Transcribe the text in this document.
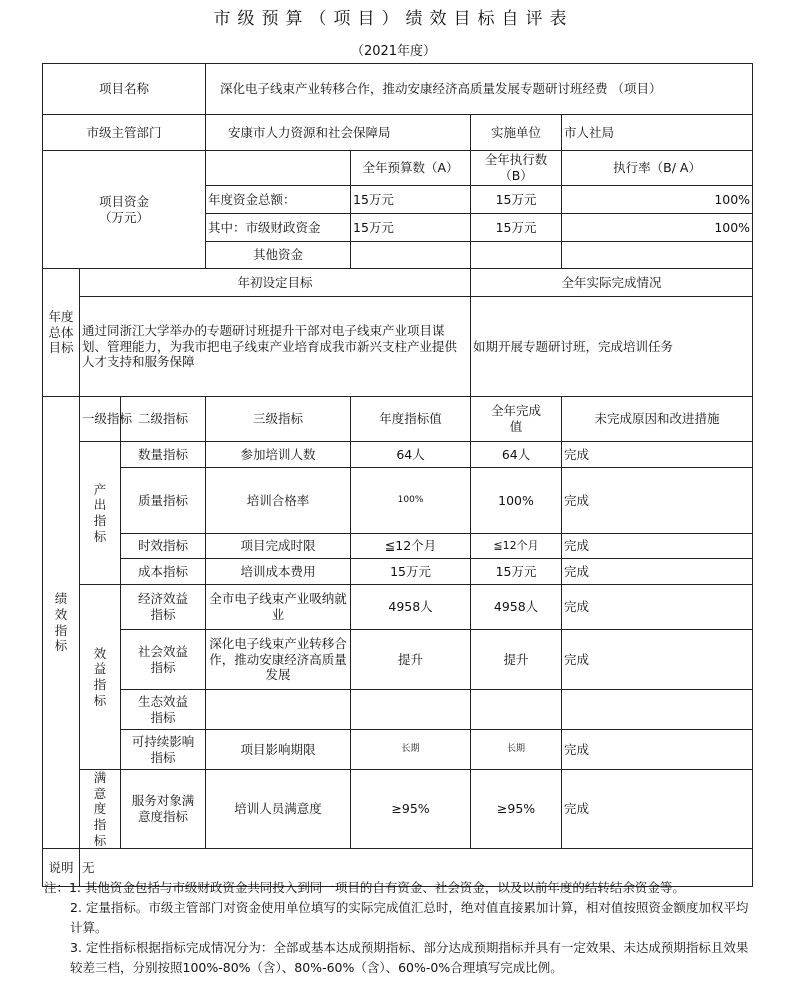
市级预算（项目）绩效目标自评表
（2021年度）
项目名称			深化电子线束产业转移合作，推动安康经济高质量发展专题研讨班经费 （项目）			
市级主管部门			安康市人力资源和社会保障局		实施单位	市人社局
项目资金
（万元）				全年预算数（A）	全年执行数（B）	执行率（B/ A）
			年度资金总额：	15万元	15万元	100%
			其中：市级财政资金	15万元	15万元	100%
			其他资金			
年度总体目标	年初设定目标				全年实际完成情况	
	通过同浙江大学举办的专题研讨班提升干部对电子线束产业项目谋划、管理能力，为我市把电子线束产业培育成我市新兴支柱产业提供人才支持和服务保障				如期开展专题研讨班，完成培训任务	
绩效指标	一级指标	二级指标	三级指标	年度指标值	全年完成值	未完成原因和改进措施
	产出指标	数量指标	参加培训人数	64人	64人	完成
		质量指标	培训合格率	100%	100%	完成
		时效指标	项目完成时限	≦12个月	≦12个月	完成
		成本指标	培训成本费用	15万元	15万元	完成
	效益指标	经济效益指标	全市电子线束产业吸纳就业	4958人	4958人	完成
		社会效益指标	深化电子线束产业转移合作，推动安康经济高质量发展	提升	提升	完成
		生态效益指标				
		可持续影响指标	项目影响期限	长期	长期	完成
	满意度指标	服务对象满意度指标	培训人员满意度	≥95%	≥95%	完成
说明	无					

注：1. 其他资金包括与市级财政资金共同投入到同一项目的自有资金、社会资金，以及以前年度的结转结余资金等。

2. 定量指标。市级主管部门对资金使用单位填写的实际完成值汇总时，绝对值直接累加计算，相对值按照资金额度加权平均计算。

3. 定性指标根据指标完成情况分为：全部或基本达成预期指标、部分达成预期指标并具有一定效果、未达成预期指标且效果较差三档，分别按照100%-80%（含）、80%-60%（含）、60%-0%合理填写完成比例。
